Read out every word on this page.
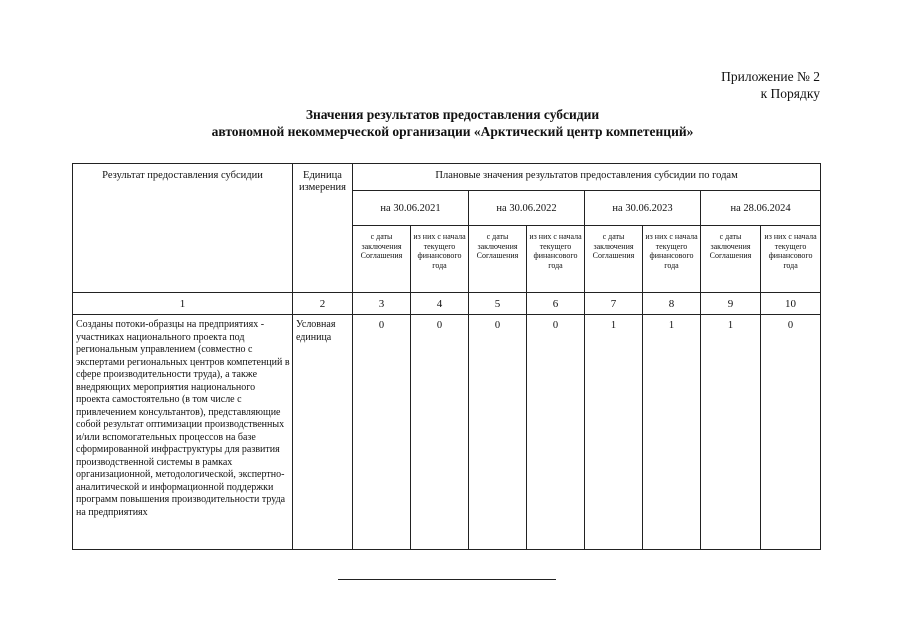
Приложение № 2
к Порядку
Значения результатов предоставления субсидии
автономной некоммерческой организации «Арктический центр компетенций»
Результат предоставления субсидии	Единица измерения	Плановые значения результатов предоставления субсидии по годам							
		на 30.06.2021		на 30.06.2022		на 30.06.2023		на 28.06.2024	
		с даты заключения Соглашения	из них с начала текущего финансового года	с даты заключения Соглашения	из них с начала текущего финансового года	с даты заключения Соглашения	из них с начала текущего финансового года	с даты заключения Соглашения	из них с начала текущего финансового года
1	2	3	4	5	6	7	8	9	10
Созданы потоки-образцы на предприятиях - участниках национального проекта под региональным управлением (совместно с экспертами региональных центров компетенций в сфере производительности труда), а также внедряющих мероприятия национального проекта самостоятельно (в том числе с привлечением консультантов), представляющие собой результат оптимизации производственных и/или вспомогательных процессов на базе сформированной инфраструктуры для развития производственной системы в рамках организационной, методологической, экспертно-аналитической и информационной поддержки программ повышения производительности труда на предприятиях	Условная единица	0	0	0	0	1	1	1	0
